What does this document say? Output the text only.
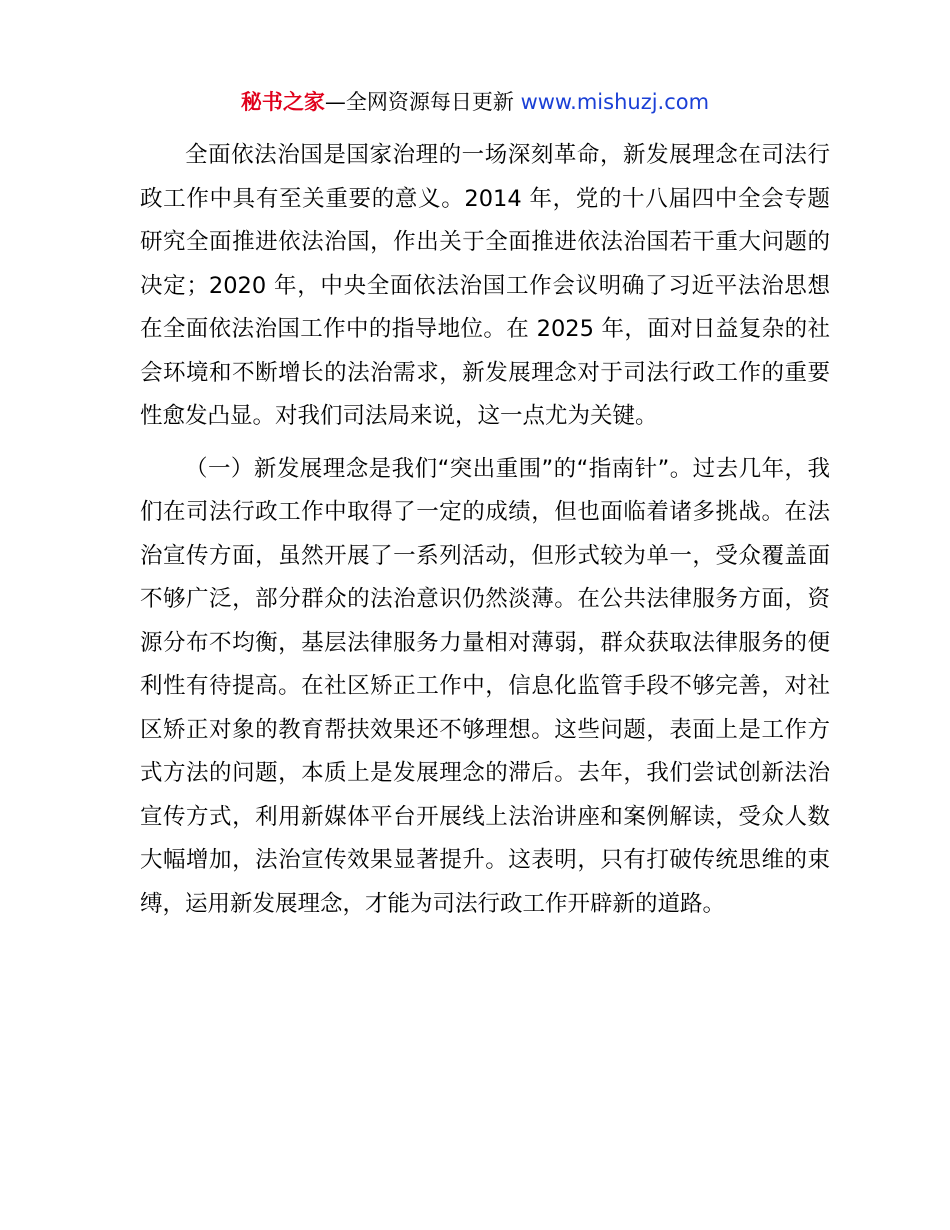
秘书之家—全网资源每日更新 www.mishuzj.com

全面依法治国是国家治理的一场深刻革命，新发展理念在司法行政工作中具有至关重要的意义。2014 年，党的十八届四中全会专题研究全面推进依法治国，作出关于全面推进依法治国若干重大问题的决定；2020 年，中央全面依法治国工作会议明确了习近平法治思想在全面依法治国工作中的指导地位。在 2025 年，面对日益复杂的社会环境和不断增长的法治需求，新发展理念对于司法行政工作的重要性愈发凸显。对我们司法局来说，这一点尤为关键。

（一）新发展理念是我们“突出重围”的“指南针”。过去几年，我们在司法行政工作中取得了一定的成绩，但也面临着诸多挑战。在法治宣传方面，虽然开展了一系列活动，但形式较为单一，受众覆盖面不够广泛，部分群众的法治意识仍然淡薄。在公共法律服务方面，资源分布不均衡，基层法律服务力量相对薄弱，群众获取法律服务的便利性有待提高。在社区矫正工作中，信息化监管手段不够完善，对社区矫正对象的教育帮扶效果还不够理想。这些问题，表面上是工作方式方法的问题，本质上是发展理念的滞后。去年，我们尝试创新法治宣传方式，利用新媒体平台开展线上法治讲座和案例解读，受众人数大幅增加，法治宣传效果显著提升。这表明，只有打破传统思维的束缚，运用新发展理念，才能为司法行政工作开辟新的道路。
